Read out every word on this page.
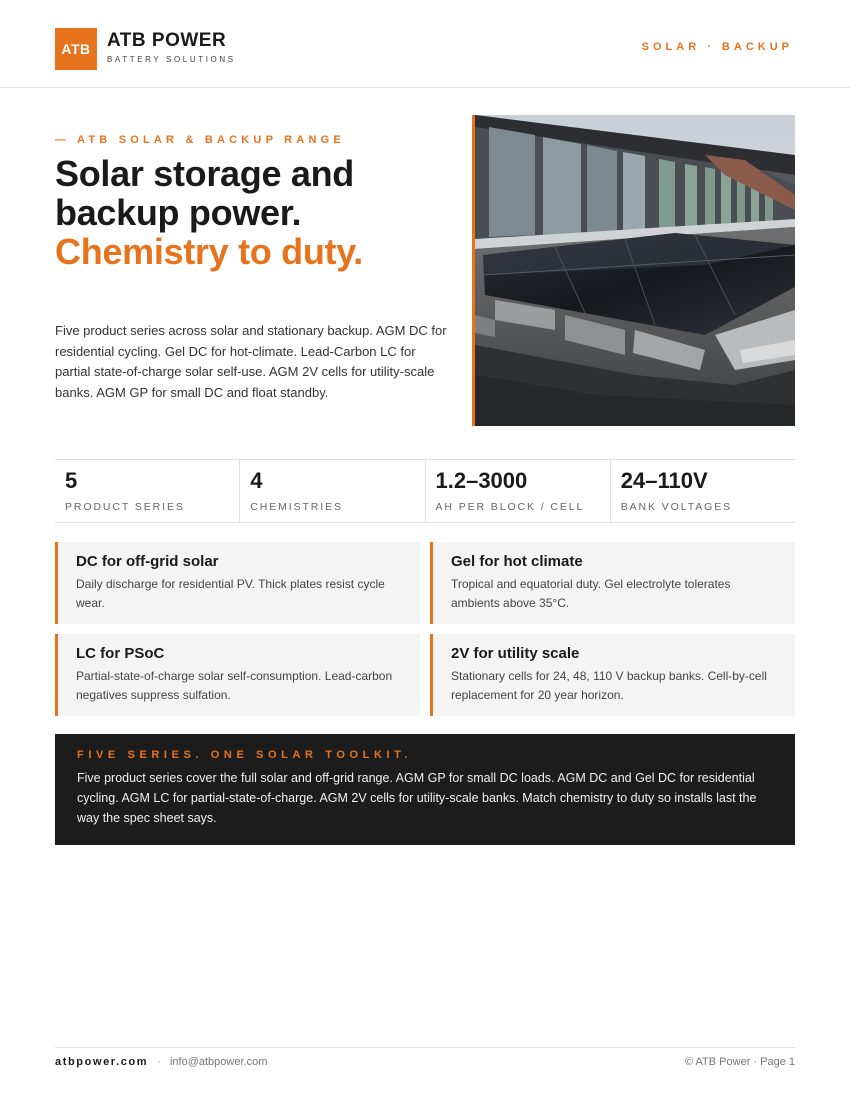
ATB ATB POWER
BATTERY SOLUTIONS
SOLAR · BACKUP
— ATB SOLAR & BACKUP RANGE
Solar storage and
backup power.
Chemistry to duty.
Five product series across solar and stationary backup. AGM DC for residential cycling. Gel DC for hot-climate. Lead-Carbon LC for partial state-of-charge solar self-use. AGM 2V cells for utility-scale banks. AGM GP for small DC and float standby.
5
PRODUCT SERIES
4
CHEMISTRIES
1.2–3000
AH PER BLOCK / CELL
24–110V
BANK VOLTAGES
DC for off-grid solar
Daily discharge for residential PV. Thick plates resist cycle wear.
Gel for hot climate
Tropical and equatorial duty. Gel electrolyte tolerates ambients above 35°C.
LC for PSoC
Partial-state-of-charge solar self-consumption. Lead-carbon negatives suppress sulfation.
2V for utility scale
Stationary cells for 24, 48, 110 V backup banks. Cell-by-cell replacement for 20 year horizon.
FIVE SERIES. ONE SOLAR TOOLKIT.
Five product series cover the full solar and off-grid range. AGM GP for small DC loads. AGM DC and Gel DC for residential cycling. AGM LC for partial-state-of-charge. AGM 2V cells for utility-scale banks. Match chemistry to duty so installs last the way the spec sheet says.
atbpower.com · info@atbpower.com	© ATB Power · Page 1
